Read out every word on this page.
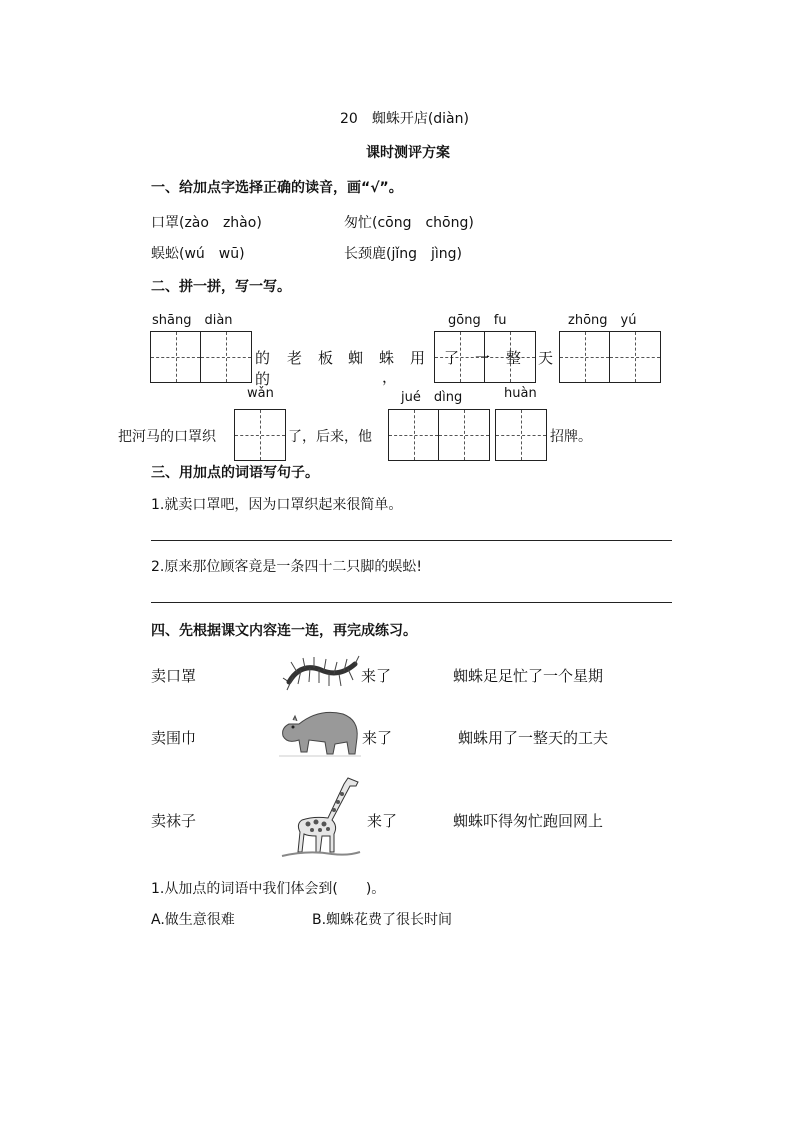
20　蜘蛛开店(diàn)
课时测评方案
一、给加点字选择正确的读音，画“√”。
口罩(zào　zhào)	匆忙(cōng　chōng)
蜈蚣(wú　wū)	长颈鹿(jǐng　jìng)
二、拼一拼，写一写。
shāng　diàn	gōng　fu	zhōng　yú
的 老 板 蜘 蛛 用 了 一 整 天
的	，
wǎn	jué　dìng	huàn
把河马的口罩织	了，后来，他	招牌。
三、用加点的词语写句子。
1.就卖口罩吧，因为口罩织起来很简单。
2.原来那位顾客竟是一条四十二只脚的蜈蚣!
四、先根据课文内容连一连，再完成练习。
卖口罩	来了	蜘蛛足足忙了一个星期
卖围巾	来了	蜘蛛用了一整天的工夫
卖袜子	来了	蜘蛛吓得匆忙跑回网上
1.从加点的词语中我们体会到(　　)。
A.做生意很难	B.蜘蛛花费了很长时间
